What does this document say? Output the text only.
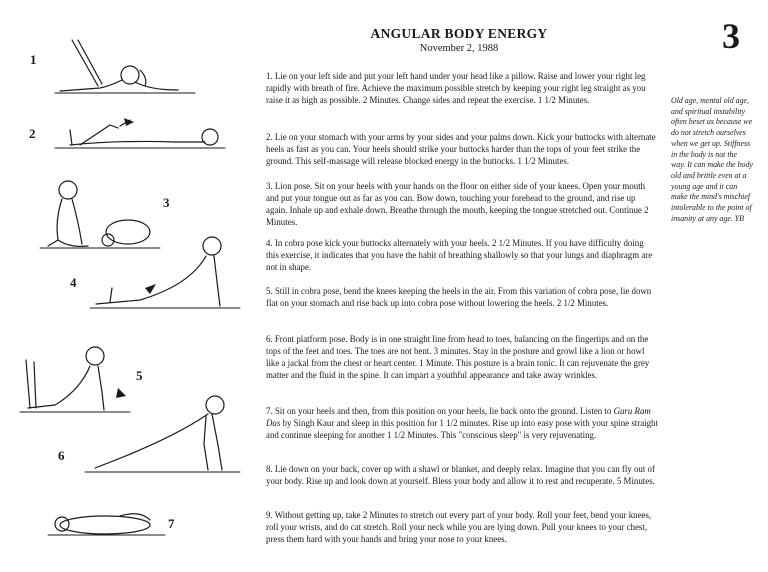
ANGULAR BODY ENERGY
November 2, 1988	3
1
2
3
4
5
6
7

1. Lie on your left side and put your left hand under your head like a pillow. Raise and lower your right leg rapidly with breath of fire. Achieve the maximum possible stretch by keeping your right leg straight as you raise it as high as possible. 2 Minutes. Change sides and repeat the exercise. 1 1/2 Minutes.

2. Lie on your stomach with your arms by your sides and your palms down. Kick your buttocks with alternate heels as fast as you can. Your heels should strike your buttocks harder than the tops of your feet strike the ground. This self-massage will release blocked energy in the buttocks. 1 1/2 Minutes.

3. Lion pose. Sit on your heels with your hands on the floor on either side of your knees. Open your mouth and put your tongue out as far as you can. Bow down, touching your forehead to the ground, and rise up again. Inhale up and exhale down. Breathe through the mouth, keeping the tongue stretched out. Continue 2 Minutes.

4. In cobra pose kick your buttocks alternately with your heels. 2 1/2 Minutes. If you have difficulty doing this exercise, it indicates that you have the habit of breathing shallowly so that your lungs and diaphragm are not in shape.

5. Still in cobra pose, bend the knees keeping the heels in the air. From this variation of cobra pose, lie down flat on your stomach and rise back up into cobra pose without lowering the heels. 2 1/2 Minutes.

6. Front platform pose. Body is in one straight line from head to toes, balancing on the fingertips and on the tops of the feet and toes. The toes are not bent. 3 minutes. Stay in the posture and growl like a lion or howl like a jackal from the chest or heart center. 1 Minute. This posture is a brain tonic. It can rejuvenate the grey matter and the fluid in the spine. It can impart a youthful appearance and take away wrinkles.

7. Sit on your heels and then, from this position on your heels, lie back onto the ground. Listen to Guru Ram Das by Singh Kaur and sleep in this position for 1 1/2 minutes. Rise up into easy pose with your spine straight and continue sleeping for another 1 1/2 Minutes. This "conscious sleep" is very rejuvenating.

8. Lie down on your back, cover up with a shawl or blanket, and deeply relax. Imagine that you can fly out of your body. Rise up and look down at yourself. Bless your body and allow it to rest and recuperate. 5 Minutes.

9. Without getting up, take 2 Minutes to stretch out every part of your body. Roll your feet, bend your knees, roll your wrists, and do cat stretch. Roll your neck while you are lying down. Pull your knees to your chest, press them hard with your hands and bring your nose to your knees.

Old age, mental old age, and spiritual instability often beset us because we do not stretch ourselves when we get up. Stiffness in the body is not the way. It can make the body old and brittle even at a young age and it can make the mind's mischief intolerable to the point of insanity at any age. YB
